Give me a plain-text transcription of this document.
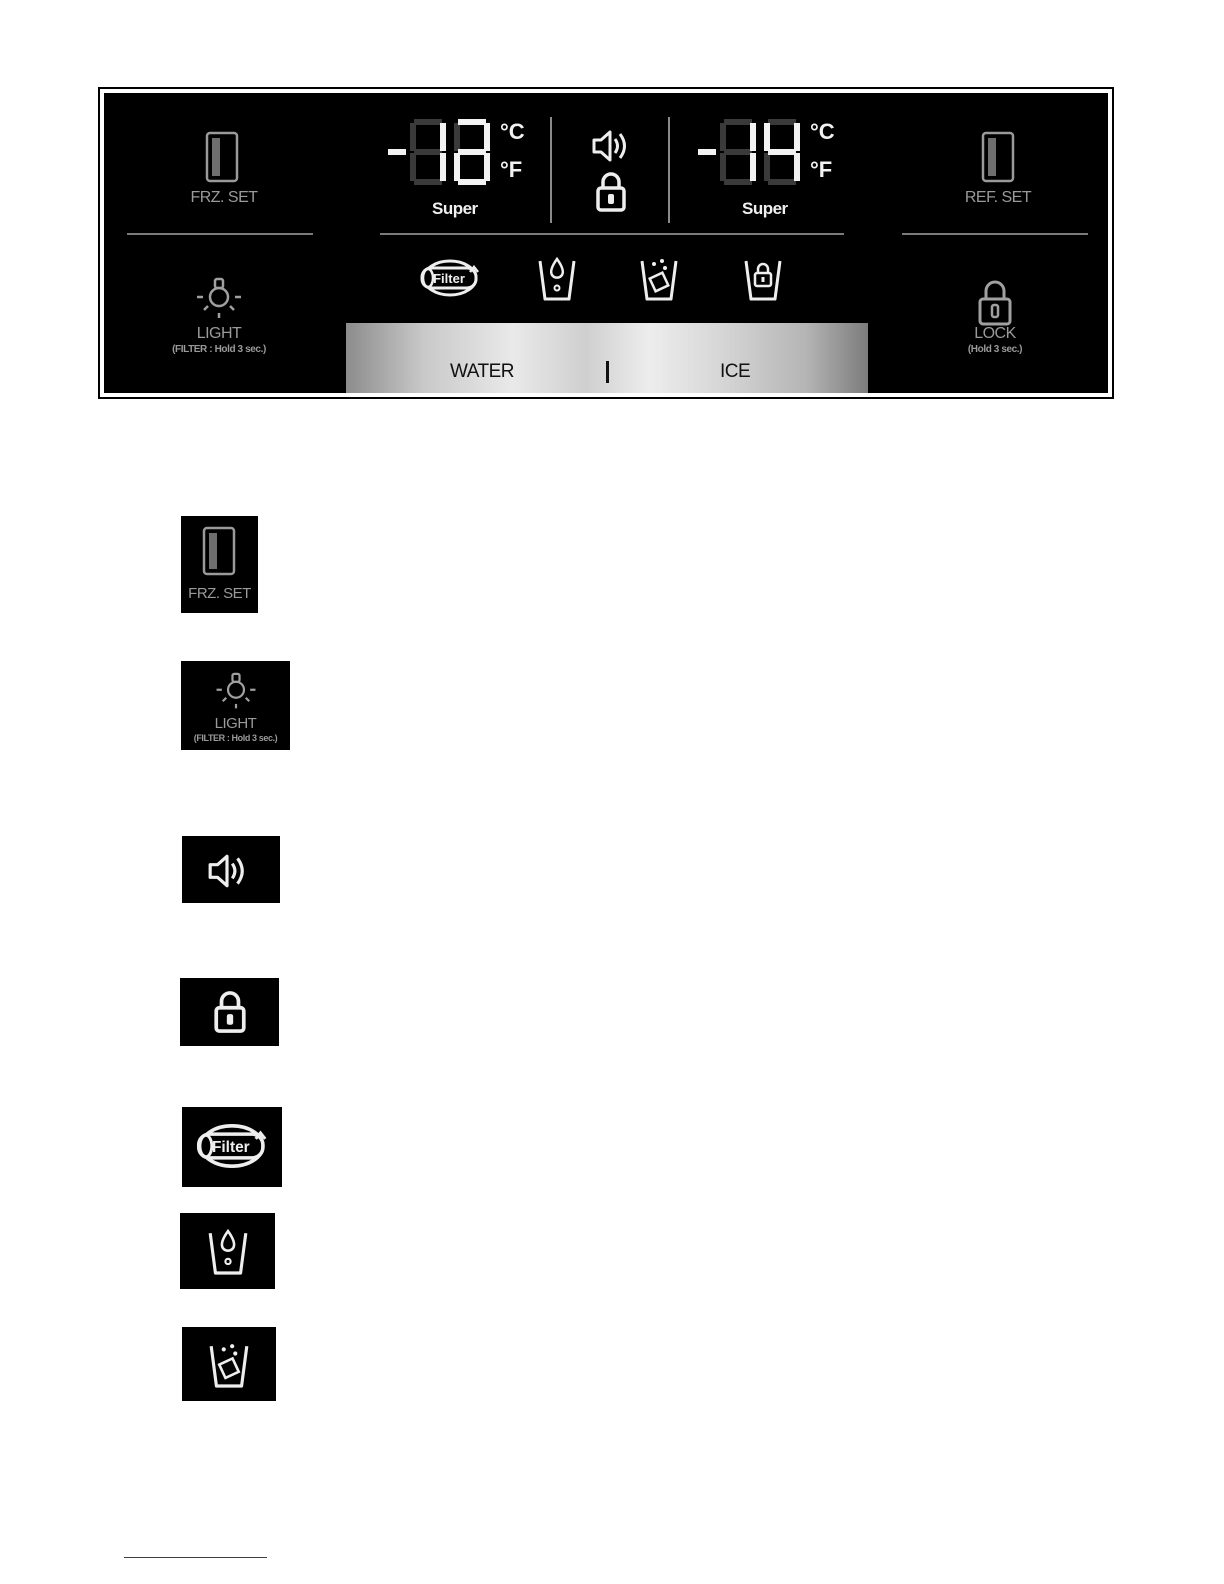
FRZ. SET	REF. SET
°C
°F
Super
°C
°F
Super
LIGHT
(FILTER : Hold 3 sec.)
LOCK
(Hold 3 sec.)
Filter
WATER	ICE
FRZ. SET
LIGHT
(FILTER : Hold 3 sec.)
Filter
